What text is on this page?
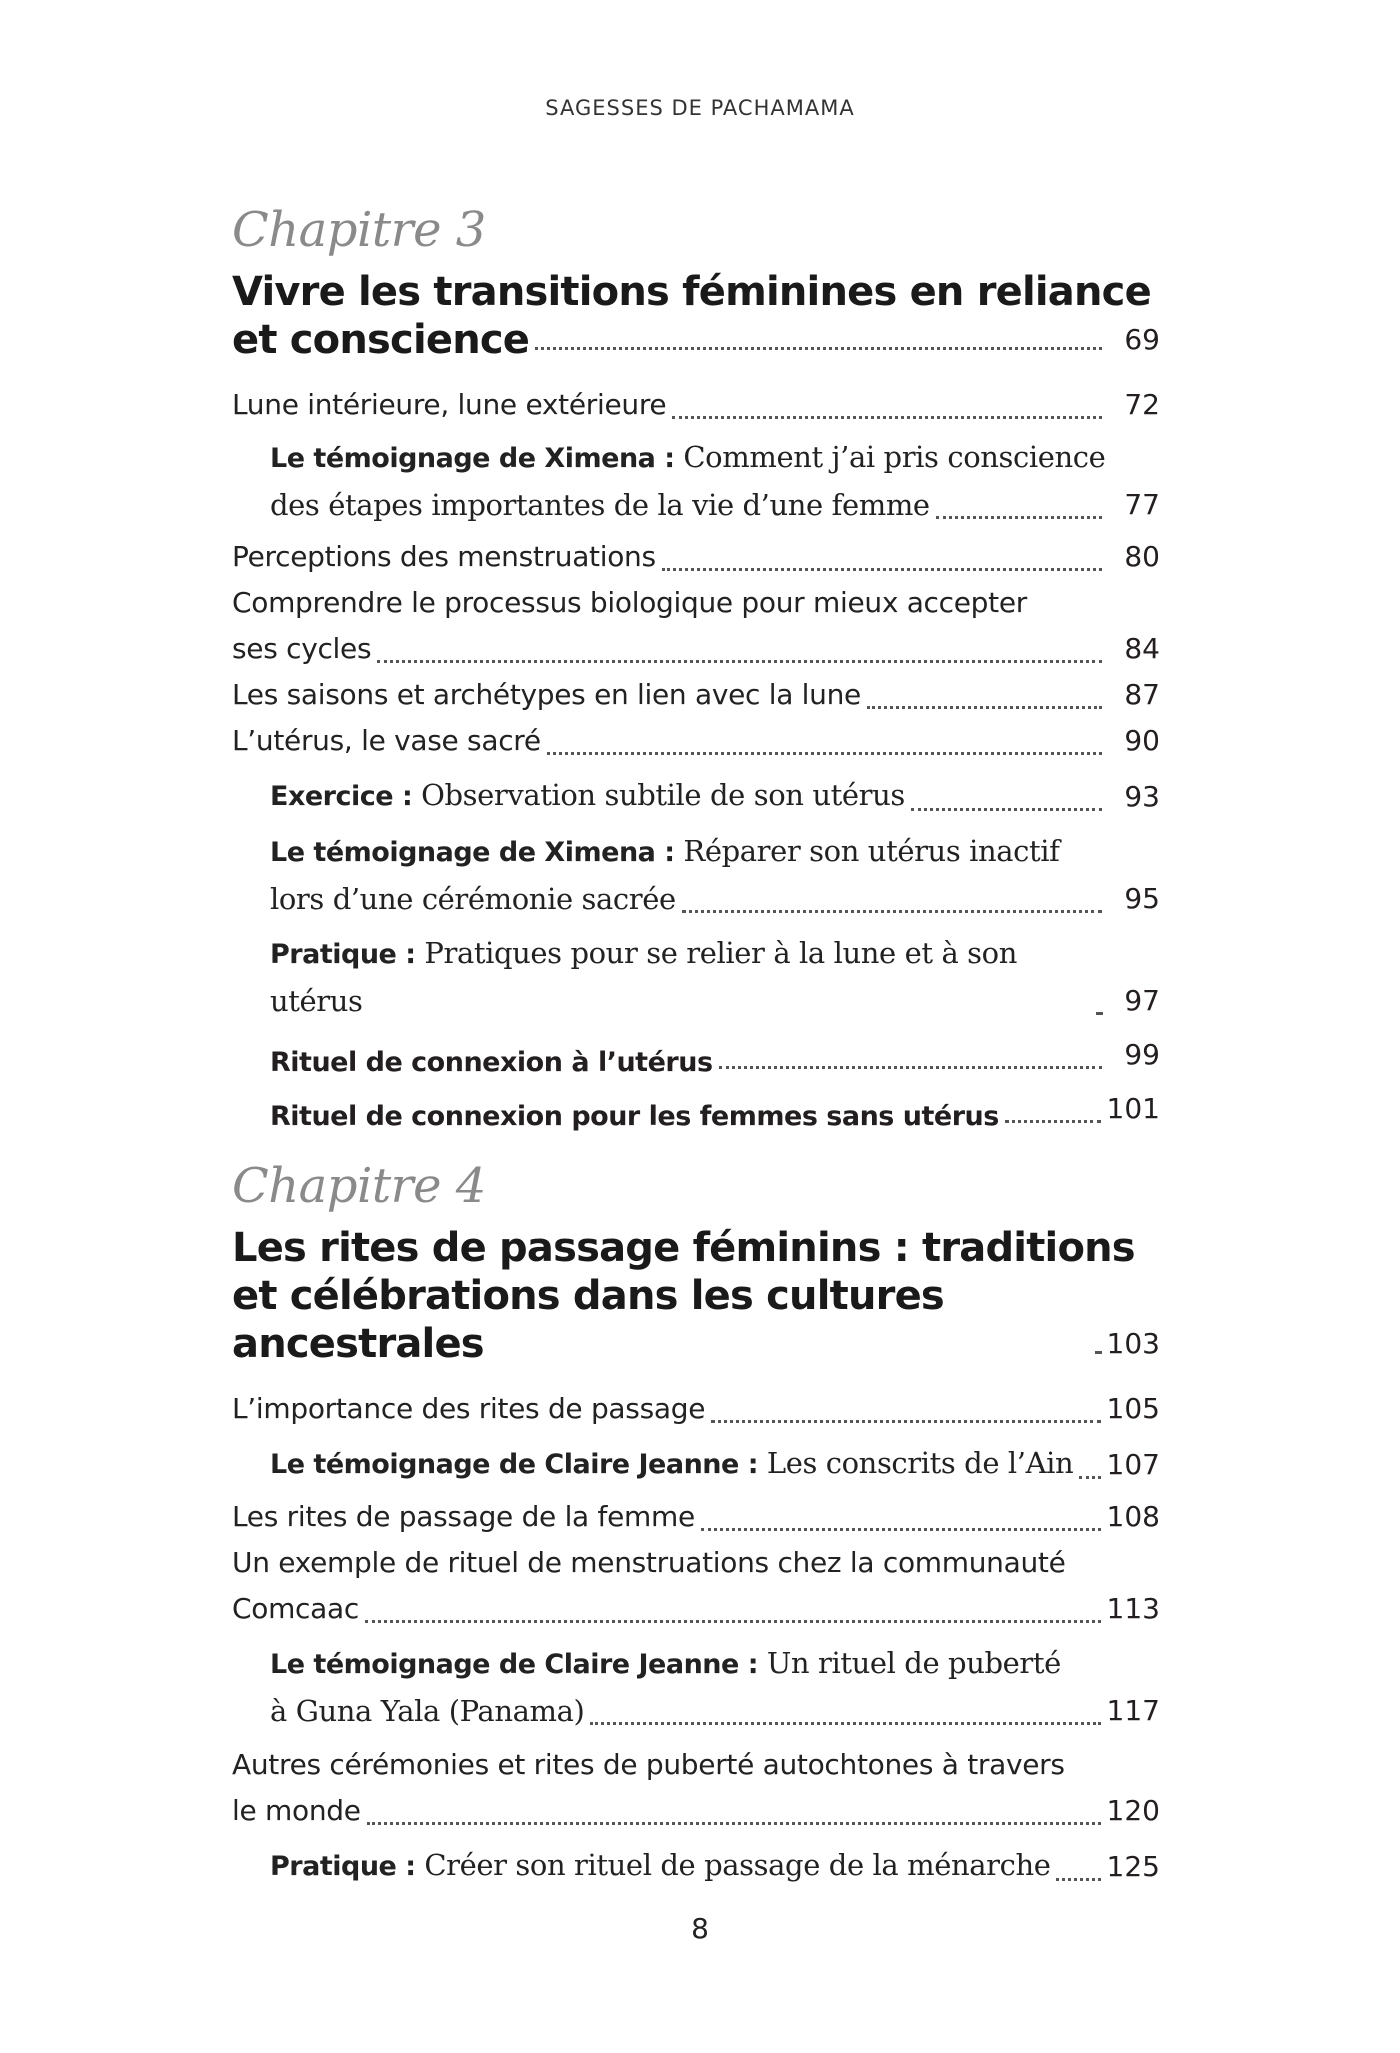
SAGESSES DE PACHAMAMA
Chapitre 3
Vivre les transitions féminines en reliance
et conscience	69
Lune intérieure, lune extérieure	72
Le témoignage de Ximena : Comment j’ai pris conscience
des étapes importantes de la vie d’une femme	77
Perceptions des menstruations	80
Comprendre le processus biologique pour mieux accepter
ses cycles	84
Les saisons et archétypes en lien avec la lune	87
L’utérus, le vase sacré	90
Exercice : Observation subtile de son utérus	93
Le témoignage de Ximena : Réparer son utérus inactif
lors d’une cérémonie sacrée	95
Pratique : Pratiques pour se relier à la lune et à son utérus	97
Rituel de connexion à l’utérus	99
Rituel de connexion pour les femmes sans utérus	101
Chapitre 4
Les rites de passage féminins : traditions
et célébrations dans les cultures ancestrales	103
L’importance des rites de passage	105
Le témoignage de Claire Jeanne : Les conscrits de l’Ain 107
Les rites de passage de la femme	108
Un exemple de rituel de menstruations chez la communauté
Comcaac	113
Le témoignage de Claire Jeanne : Un rituel de puberté
à Guna Yala (Panama)	117
Autres cérémonies et rites de puberté autochtones à travers
le monde	120
Pratique : Créer son rituel de passage de la ménarche 125
8
